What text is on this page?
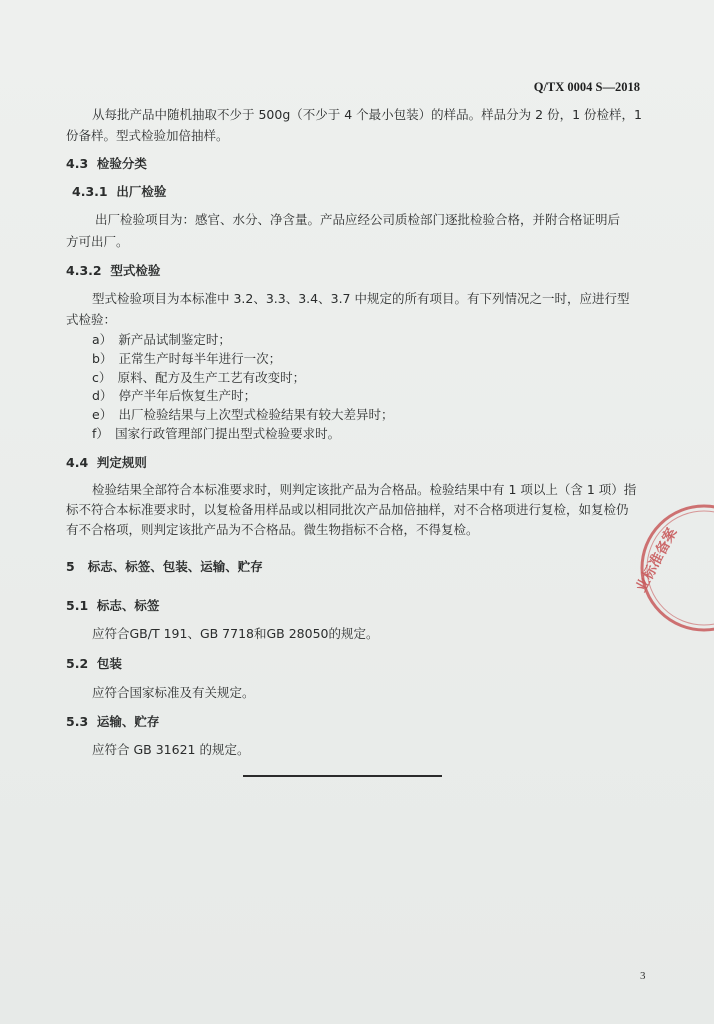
Q/TX 0004 S—2018
从每批产品中随机抽取不少于 500g（不少于 4 个最小包装）的样品。样品分为 2 份，1 份检样，1
份备样。型式检验加倍抽样。
4.3 检验分类
4.3.1 出厂检验
出厂检验项目为：感官、水分、净含量。产品应经公司质检部门逐批检验合格，并附合格证明后
方可出厂。
4.3.2 型式检验
型式检验项目为本标准中 3.2、3.3、3.4、3.7 中规定的所有项目。有下列情况之一时，应进行型
式检验：
a）　新产品试制鉴定时；
b）　正常生产时每半年进行一次；
c）　原料、配方及生产工艺有改变时；
d）　停产半年后恢复生产时；
e）　出厂检验结果与上次型式检验结果有较大差异时；
f）　国家行政管理部门提出型式检验要求时。
4.4 判定规则
检验结果全部符合本标准要求时，则判定该批产品为合格品。检验结果中有 1 项以上（含 1 项）指
标不符合本标准要求时，以复检备用样品或以相同批次产品加倍抽样，对不合格项进行复检，如复检仍
有不合格项，则判定该批产品为不合格品。微生物指标不合格，不得复检。
5 标志、标签、包装、运输、贮存
5.1 标志、标签
应符合GB/T 191、GB 7718和GB 28050的规定。
5.2 包装
应符合国家标准及有关规定。
5.3 运输、贮存
应符合 GB 31621 的规定。
业标准备案
3
